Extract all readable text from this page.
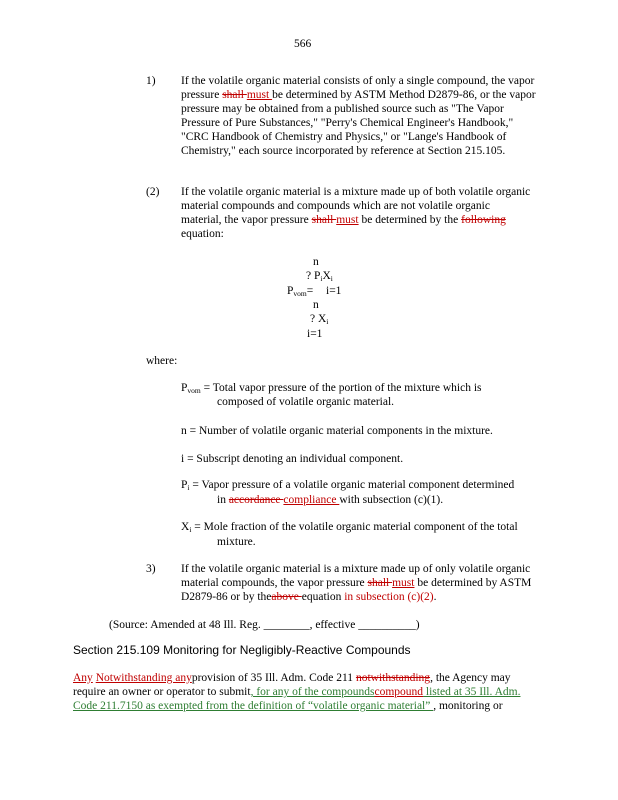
566
1) If the volatile organic material consists of only a single compound, the vapor pressure shall must be determined by ASTM Method D2879-86, or the vapor pressure may be obtained from a published source such as "The Vapor Pressure of Pure Substances," "Perry's Chemical Engineer's Handbook," "CRC Handbook of Chemistry and Physics," or "Lange's Handbook of Chemistry," each source incorporated by reference at Section 215.105.
(2) If the volatile organic material is a mixture made up of both volatile organic material compounds and compounds which are not volatile organic material, the vapor pressure shall must be determined by the following equation:
n
? $P_iX_i$
$P_{vom}= i=1$
n
? $X_i$
i=1
where:
$P_{vom}$ = Total vapor pressure of the portion of the mixture which is
composed of volatile organic material.
n = Number of volatile organic material components in the mixture.
i = Subscript denoting an individual component.
$P_i$ = Vapor pressure of a volatile organic material component determined
in accordance compliance with subsection (c)(1).
$X_i$ = Mole fraction of the volatile organic material component of the total
mixture.
3) If the volatile organic material is a mixture made up of only volatile organic material compounds, the vapor pressure shall must be determined by ASTM D2879-86 or by theabove equation in subsection (c)(2).
(Source: Amended at 48 Ill. Reg. ________, effective __________)
Section 215.109 Monitoring for Negligibly-Reactive Compounds
Any Notwithstanding anyprovision of 35 Ill. Adm. Code 211 notwithstanding, the Agency may require an owner or operator to submit, for any of the compoundscompound listed at 35 Ill. Adm. Code 211.7150 as exempted from the definition of “volatile organic material” , monitoring or
